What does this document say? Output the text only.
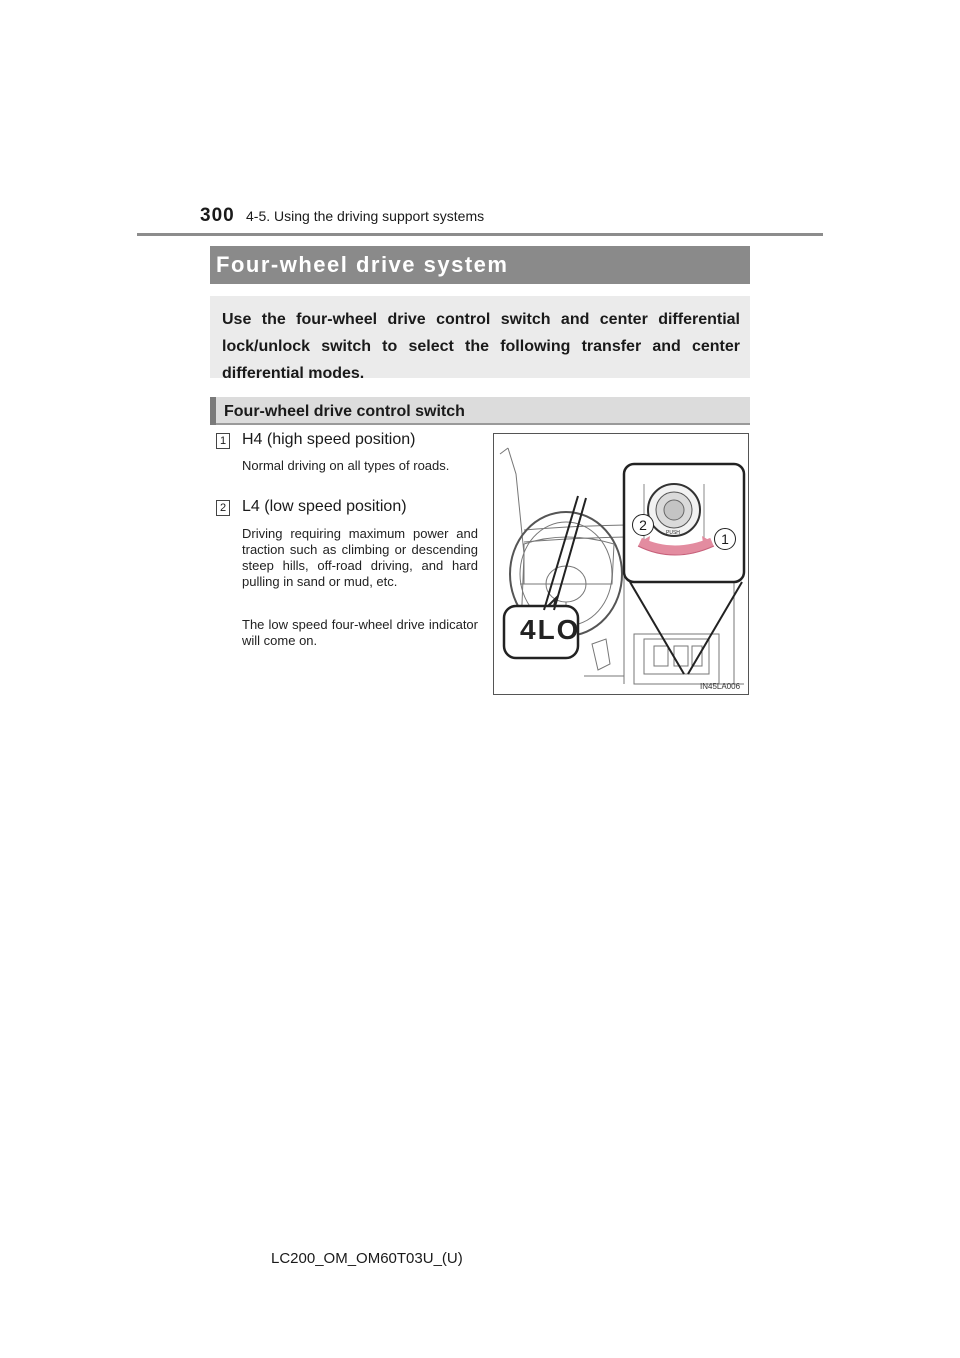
300 4-5. Using the driving support systems
Four-wheel drive system
Use the four-wheel drive control switch and center differential lock/unlock switch to select the following transfer and center differential modes.
Four-wheel drive control switch
1 H4 (high speed position)
Normal driving on all types of roads.
2 L4 (low speed position)
Driving requiring maximum power and traction such as climbing or descending steep hills, off-road driving, and hard pulling in sand or mud, etc.
The low speed four-wheel drive indicator will come on.	4LO
2
1
PUSH
IN45LA006
LC200_OM_OM60T03U_(U)
